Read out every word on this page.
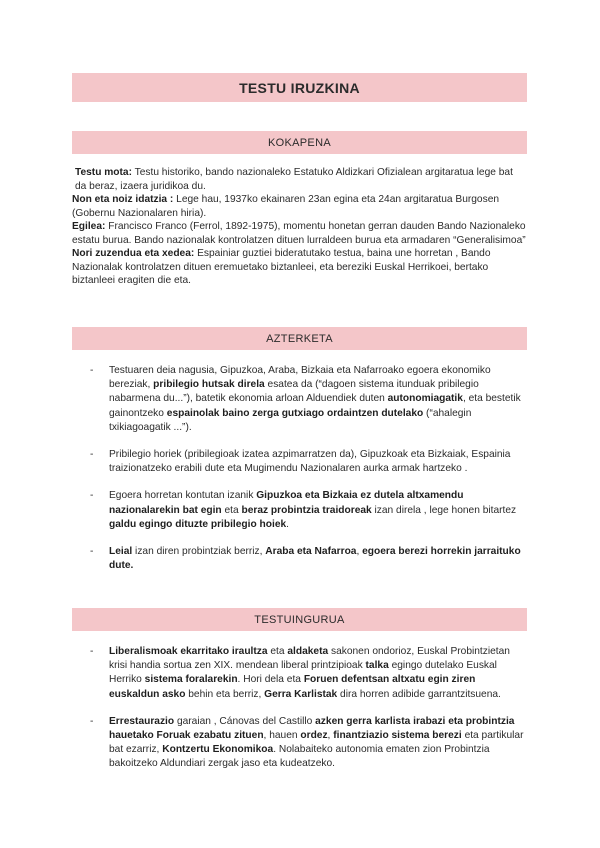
TESTU IRUZKINA
KOKAPENA

Testu mota: Testu historiko, bando nazionaleko Estatuko Aldizkari Ofizialean argitaratua lege bat da beraz, izaera juridikoa du.

Non eta noiz idatzia : Lege hau, 1937ko ekainaren 23an egina eta 24an argitaratua Burgosen (Gobernu Nazionalaren hiria).

Egilea: Francisco Franco (Ferrol, 1892-1975), momentu honetan gerran dauden Bando Nazionaleko estatu burua. Bando nazionalak kontrolatzen dituen lurraldeen burua eta armadaren “Generalisimoa”

Nori zuzendua eta xedea: Espainiar guztiei bideratutako testua, baina une horretan , Bando Nazionalak kontrolatzen dituen eremuetako biztanleei, eta bereziki Euskal Herrikoei, bertako biztanleei eragiten die eta.

AZTERKETA
- Testuaren deia nagusia, Gipuzkoa, Araba, Bizkaia eta Nafarroako egoera ekonomiko bereziak, pribilegio hutsak direla esatea da (“dagoen sistema itunduak pribilegio nabarmena du...”), batetik ekonomia arloan Alduendiek duten autonomiagatik, eta bestetik gainontzeko espainolak baino zerga gutxiago ordaintzen dutelako (“ahalegin txikiagoagatik ...”).

- Pribilegio horiek (pribilegioak izatea azpimarratzen da), Gipuzkoak eta Bizkaiak, Espainia traizionatzeko erabili dute eta Mugimendu Nazionalaren aurka armak hartzeko .

- Egoera horretan kontutan izanik Gipuzkoa eta Bizkaia ez dutela altxamendu nazionalarekin bat egin eta beraz probintzia traidoreak izan direla , lege honen bitartez galdu egingo dituzte pribilegio hoiek.

- Leial izan diren probintziak berriz, Araba eta Nafarroa, egoera berezi horrekin jarraituko dute.

TESTUINGURUA
- Liberalismoak ekarritako iraultza eta aldaketa sakonen ondorioz, Euskal Probintzietan krisi handia sortua zen XIX. mendean liberal printzipioak talka egingo dutelako Euskal Herriko sistema foralarekin. Hori dela eta Foruen defentsan altxatu egin ziren euskaldun asko behin eta berriz, Gerra Karlistak dira horren adibide garrantzitsuena.

- Errestaurazio garaian , Cánovas del Castillo azken gerra karlista irabazi eta probintzia hauetako Foruak ezabatu zituen, hauen ordez, finantziazio sistema berezi eta partikular bat ezarriz, Kontzertu Ekonomikoa. Nolabaiteko autonomia ematen zion Probintzia bakoitzeko Aldundiari zergak jaso eta kudeatzeko.
